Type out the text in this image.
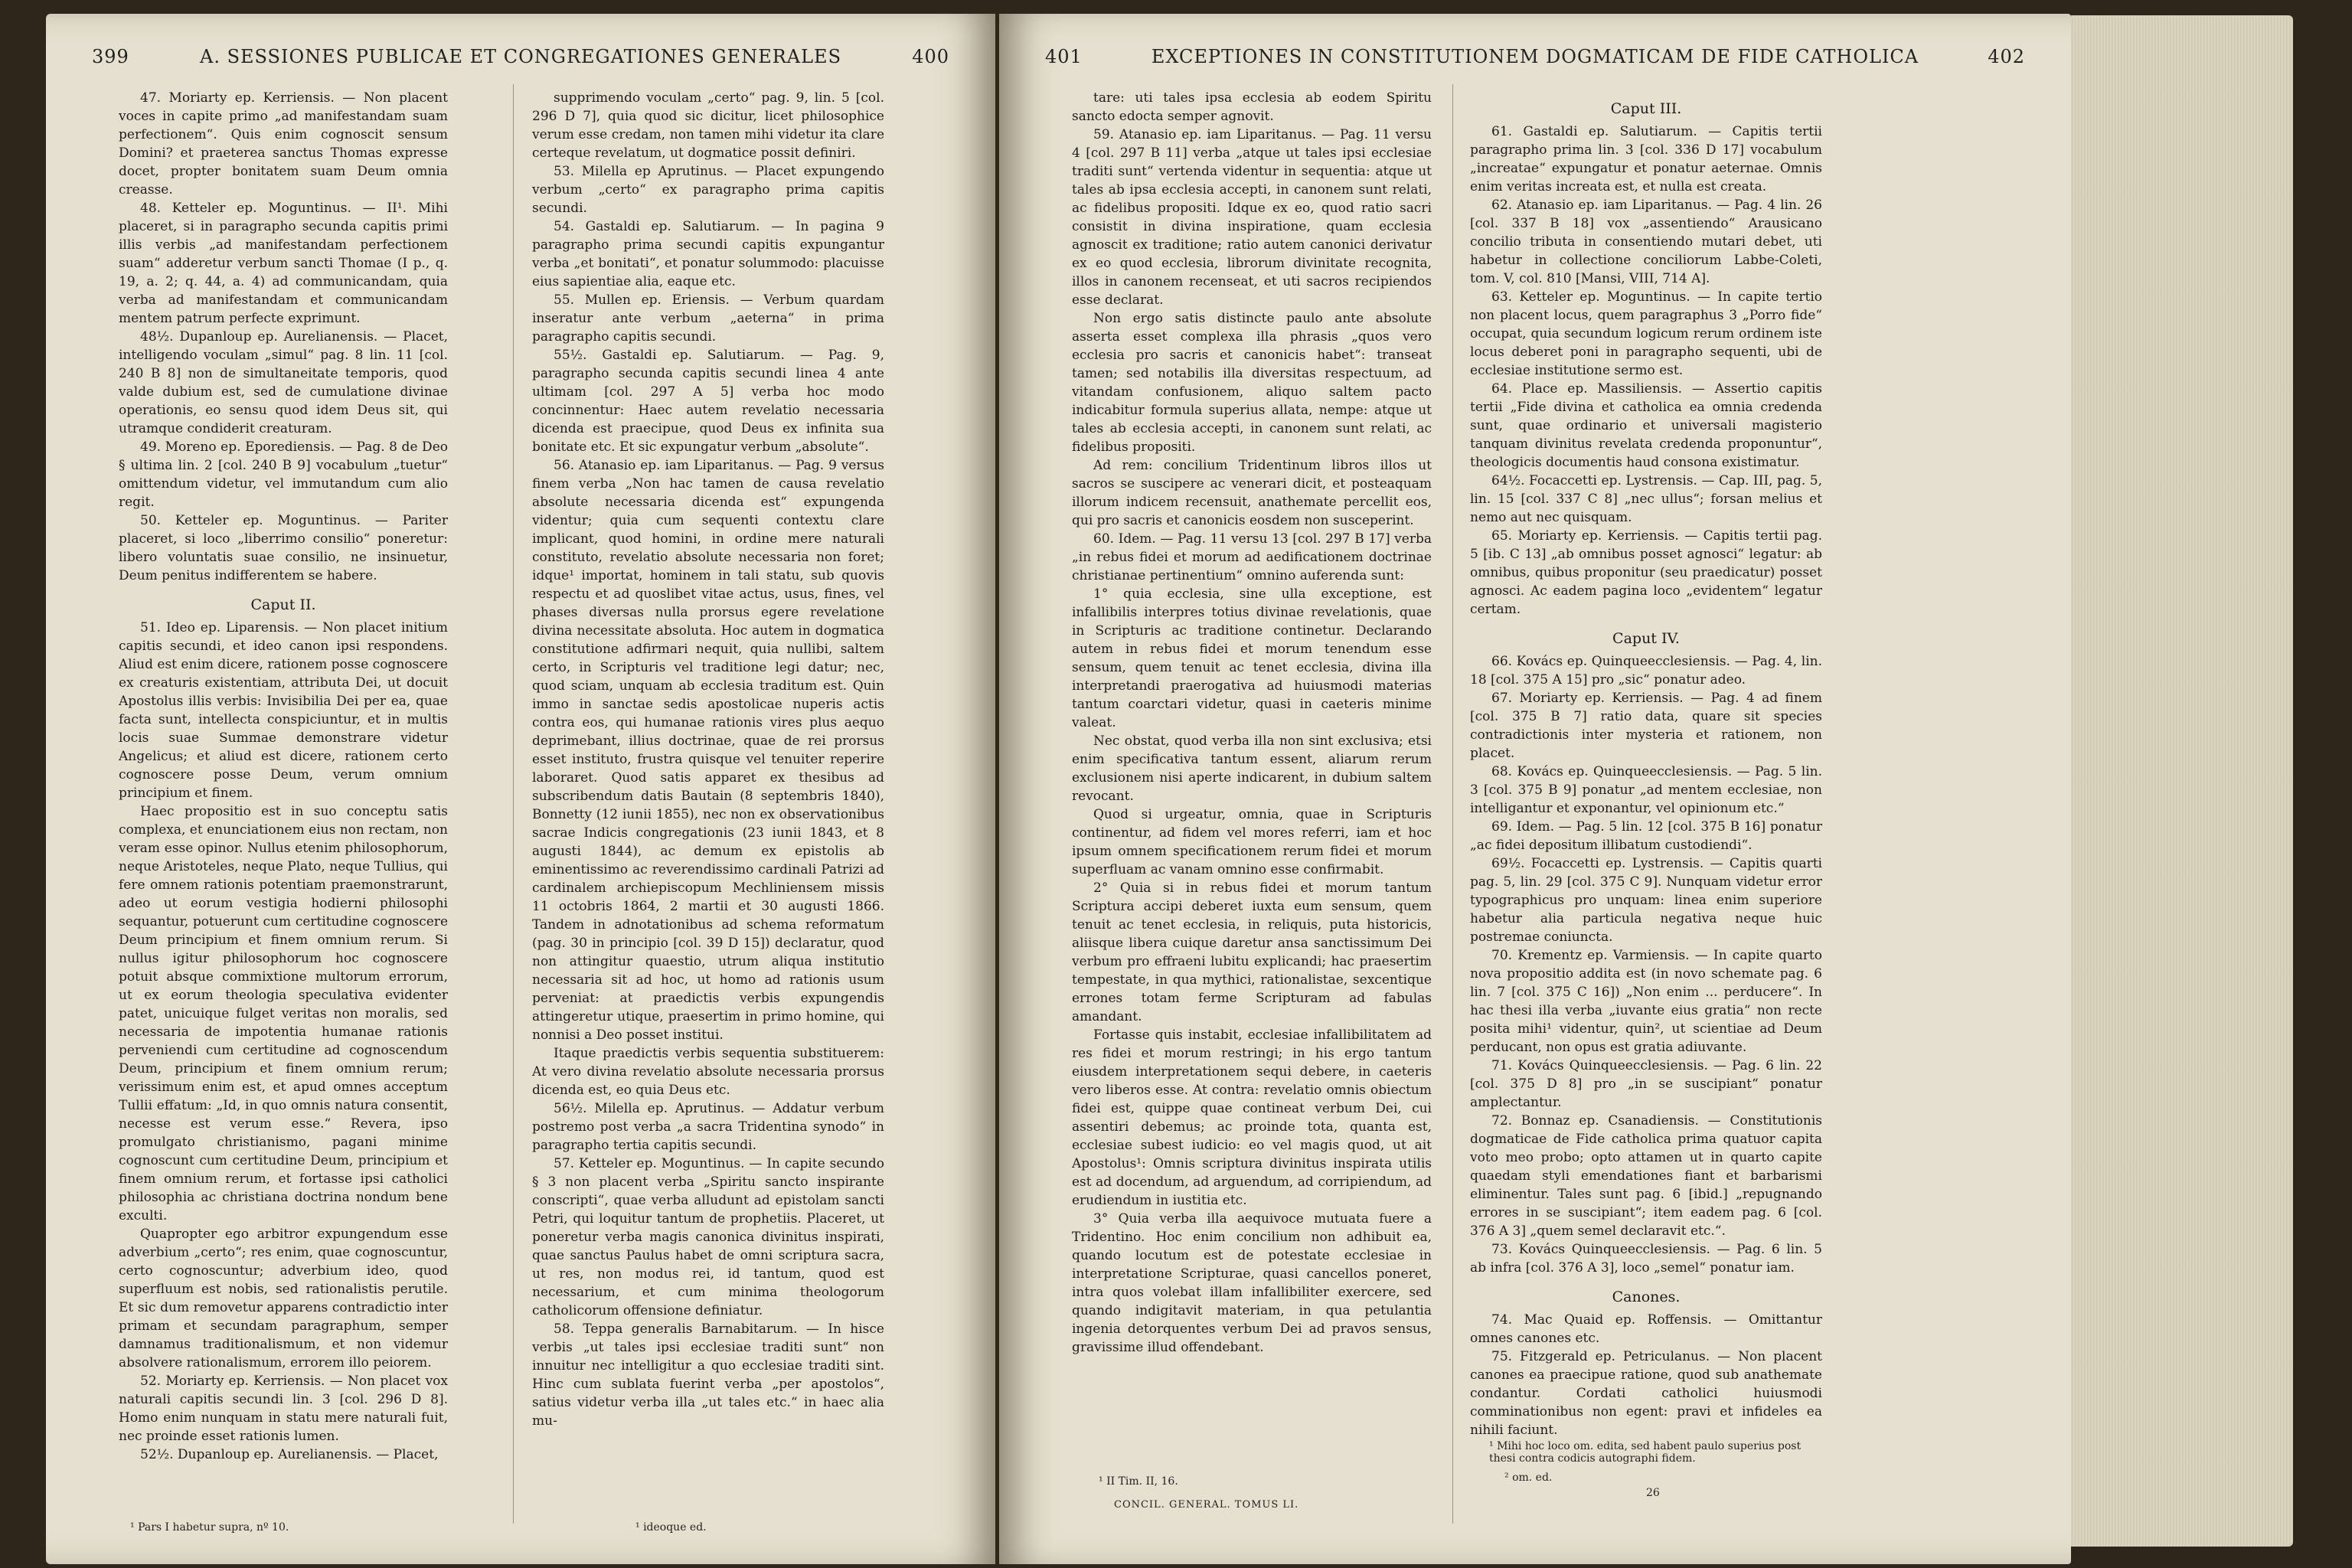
399	A. SESSIONES PUBLICAE ET CONGREGATIONES GENERALES	400

47. Moriarty ep. Kerriensis. — Non placent voces in capite primo „ad manifestandam suam perfectionem“. Quis enim cognoscit sensum Domini? et praeterea sanctus Thomas expresse docet, propter bonitatem suam Deum omnia creasse.

48. Ketteler ep. Moguntinus. — II¹. Mihi placeret, si in paragrapho secunda capitis primi illis verbis „ad manifestandam perfectionem suam“ adderetur verbum sancti Thomae (I p., q. 19, a. 2; q. 44, a. 4) ad communicandam, quia verba ad manifestandam et communicandam mentem patrum perfecte exprimunt.

48½. Dupanloup ep. Aurelianensis. — Placet, intelligendo voculam „simul“ pag. 8 lin. 11 [col. 240 B 8] non de simultaneitate temporis, quod valde dubium est, sed de cumulatione divinae operationis, eo sensu quod idem Deus sit, qui utramque condiderit creaturam.

49. Moreno ep. Eporediensis. — Pag. 8 de Deo § ultima lin. 2 [col. 240 B 9] vocabulum „tuetur“ omittendum videtur, vel immutandum cum alio regit.

50. Ketteler ep. Moguntinus. — Pariter placeret, si loco „liberrimo consilio“ poneretur: libero voluntatis suae consilio, ne insinuetur, Deum penitus indifferentem se habere.

Caput II.

51. Ideo ep. Liparensis. — Non placet initium capitis secundi, et ideo canon ipsi respondens. Aliud est enim dicere, rationem posse cognoscere ex creaturis existentiam, attributa Dei, ut docuit Apostolus illis verbis: Invisibilia Dei per ea, quae facta sunt, intellecta conspiciuntur, et in multis locis suae Summae demonstrare videtur Angelicus; et aliud est dicere, rationem certo cognoscere posse Deum, verum omnium principium et finem.

Haec propositio est in suo conceptu satis complexa, et enunciationem eius non rectam, non veram esse opinor. Nullus etenim philosophorum, neque Aristoteles, neque Plato, neque Tullius, qui fere omnem rationis potentiam praemonstrarunt, adeo ut eorum vestigia hodierni philosophi sequantur, potuerunt cum certitudine cognoscere Deum principium et finem omnium rerum. Si nullus igitur philosophorum hoc cognoscere potuit absque commixtione multorum errorum, ut ex eorum theologia speculativa evidenter patet, unicuique fulget veritas non moralis, sed necessaria de impotentia humanae rationis perveniendi cum certitudine ad cognoscendum Deum, principium et finem omnium rerum; verissimum enim est, et apud omnes acceptum Tullii effatum: „Id, in quo omnis natura consentit, necesse est verum esse.“ Revera, ipso promulgato christianismo, pagani minime cognoscunt cum certitudine Deum, principium et finem omnium rerum, et fortasse ipsi catholici philosophia ac christiana doctrina nondum bene exculti.

Quapropter ego arbitror expungendum esse adverbium „certo“; res enim, quae cognoscuntur, certo cognoscuntur; adverbium ideo, quod superfluum est nobis, sed rationalistis perutile. Et sic dum removetur apparens contradictio inter primam et secundam paragraphum, semper damnamus traditionalismum, et non videmur absolvere rationalismum, errorem illo peiorem.

52. Moriarty ep. Kerriensis. — Non placet vox naturali capitis secundi lin. 3 [col. 296 D 8]. Homo enim nunquam in statu mere naturali fuit, nec proinde esset rationis lumen.

52½. Dupanloup ep. Aurelianensis. — Placet,

supprimendo voculam „certo“ pag. 9, lin. 5 [col. 296 D 7], quia quod sic dicitur, licet philosophice verum esse credam, non tamen mihi videtur ita clare certeque revelatum, ut dogmatice possit definiri.

53. Milella ep Aprutinus. — Placet expungendo verbum „certo“ ex paragrapho prima capitis secundi.

54. Gastaldi ep. Salutiarum. — In pagina 9 paragrapho prima secundi capitis expungantur verba „et bonitati“, et ponatur solummodo: placuisse eius sapientiae alia, eaque etc.

55. Mullen ep. Eriensis. — Verbum quardam inseratur ante verbum „aeterna“ in prima paragrapho capitis secundi.

55½. Gastaldi ep. Salutiarum. — Pag. 9, paragrapho secunda capitis secundi linea 4 ante ultimam [col. 297 A 5] verba hoc modo concinnentur: Haec autem revelatio necessaria dicenda est praecipue, quod Deus ex infinita sua bonitate etc. Et sic expungatur verbum „absolute“.

56. Atanasio ep. iam Liparitanus. — Pag. 9 versus finem verba „Non hac tamen de causa revelatio absolute necessaria dicenda est“ expungenda videntur; quia cum sequenti contextu clare implicant, quod homini, in ordine mere naturali constituto, revelatio absolute necessaria non foret; idque¹ importat, hominem in tali statu, sub quovis respectu et ad quoslibet vitae actus, usus, fines, vel phases diversas nulla prorsus egere revelatione divina necessitate absoluta. Hoc autem in dogmatica constitutione adfirmari nequit, quia nullibi, saltem certo, in Scripturis vel traditione legi datur; nec, quod sciam, unquam ab ecclesia traditum est. Quin immo in sanctae sedis apostolicae nuperis actis contra eos, qui humanae rationis vires plus aequo deprimebant, illius doctrinae, quae de rei prorsus esset instituto, frustra quisque vel tenuiter reperire laboraret. Quod satis apparet ex thesibus ad subscribendum datis Bautain (8 septembris 1840), Bonnetty (12 iunii 1855), nec non ex observationibus sacrae Indicis congregationis (23 iunii 1843, et 8 augusti 1844), ac demum ex epistolis ab eminentissimo ac reverendissimo cardinali Patrizi ad cardinalem archiepiscopum Mechliniensem missis 11 octobris 1864, 2 martii et 30 augusti 1866. Tandem in adnotationibus ad schema reformatum (pag. 30 in principio [col. 39 D 15]) declaratur, quod non attingitur quaestio, utrum aliqua institutio necessaria sit ad hoc, ut homo ad rationis usum perveniat: at praedictis verbis expungendis attingeretur utique, praesertim in primo homine, qui nonnisi a Deo posset institui.

Itaque praedictis verbis sequentia substituerem: At vero divina revelatio absolute necessaria prorsus dicenda est, eo quia Deus etc.

56½. Milella ep. Aprutinus. — Addatur verbum postremo post verba „a sacra Tridentina synodo“ in paragrapho tertia capitis secundi.

57. Ketteler ep. Moguntinus. — In capite secundo § 3 non placent verba „Spiritu sancto inspirante conscripti“, quae verba alludunt ad epistolam sancti Petri, qui loquitur tantum de prophetiis. Placeret, ut poneretur verba magis canonica divinitus inspirati, quae sanctus Paulus habet de omni scriptura sacra, ut res, non modus rei, id tantum, quod est necessarium, et cum minima theologorum catholicorum offensione definiatur.

58. Teppa generalis Barnabitarum. — In hisce verbis „ut tales ipsi ecclesiae traditi sunt“ non innuitur nec intelligitur a quo ecclesiae traditi sint. Hinc cum sublata fuerint verba „per apostolos“, satius videtur verba illa „ut tales etc.“ in haec alia mu-

¹ Pars I habetur supra, nº 10.	¹ ideoque ed.
401	EXCEPTIONES IN CONSTITUTIONEM DOGMATICAM DE FIDE CATHOLICA	402

tare: uti tales ipsa ecclesia ab eodem Spiritu sancto edocta semper agnovit.

59. Atanasio ep. iam Liparitanus. — Pag. 11 versu 4 [col. 297 B 11] verba „atque ut tales ipsi ecclesiae traditi sunt“ vertenda videntur in sequentia: atque ut tales ab ipsa ecclesia accepti, in canonem sunt relati, ac fidelibus propositi. Idque ex eo, quod ratio sacri consistit in divina inspiratione, quam ecclesia agnoscit ex traditione; ratio autem canonici derivatur ex eo quod ecclesia, librorum divinitate recognita, illos in canonem recenseat, et uti sacros recipiendos esse declarat.

Non ergo satis distincte paulo ante absolute asserta esset complexa illa phrasis „quos vero ecclesia pro sacris et canonicis habet“: transeat tamen; sed notabilis illa diversitas respectuum, ad vitandam confusionem, aliquo saltem pacto indicabitur formula superius allata, nempe: atque ut tales ab ecclesia accepti, in canonem sunt relati, ac fidelibus propositi.

Ad rem: concilium Tridentinum libros illos ut sacros se suscipere ac venerari dicit, et posteaquam illorum indicem recensuit, anathemate percellit eos, qui pro sacris et canonicis eosdem non susceperint.

60. Idem. — Pag. 11 versu 13 [col. 297 B 17] verba „in rebus fidei et morum ad aedificationem doctrinae christianae pertinentium“ omnino auferenda sunt:

1° quia ecclesia, sine ulla exceptione, est infallibilis interpres totius divinae revelationis, quae in Scripturis ac traditione continetur. Declarando autem in rebus fidei et morum tenendum esse sensum, quem tenuit ac tenet ecclesia, divina illa interpretandi praerogativa ad huiusmodi materias tantum coarctari videtur, quasi in caeteris minime valeat.

Nec obstat, quod verba illa non sint exclusiva; etsi enim specificativa tantum essent, aliarum rerum exclusionem nisi aperte indicarent, in dubium saltem revocant.

Quod si urgeatur, omnia, quae in Scripturis continentur, ad fidem vel mores referri, iam et hoc ipsum omnem specificationem rerum fidei et morum superfluam ac vanam omnino esse confirmabit.

2° Quia si in rebus fidei et morum tantum Scriptura accipi deberet iuxta eum sensum, quem tenuit ac tenet ecclesia, in reliquis, puta historicis, aliisque libera cuique daretur ansa sanctissimum Dei verbum pro effraeni lubitu explicandi; hac praesertim tempestate, in qua mythici, rationalistae, sexcentique errones totam ferme Scripturam ad fabulas amandant.

Fortasse quis instabit, ecclesiae infallibilitatem ad res fidei et morum restringi; in his ergo tantum eiusdem interpretationem sequi debere, in caeteris vero liberos esse. At contra: revelatio omnis obiectum fidei est, quippe quae contineat verbum Dei, cui assentiri debemus; ac proinde tota, quanta est, ecclesiae subest iudicio: eo vel magis quod, ut ait Apostolus¹: Omnis scriptura divinitus inspirata utilis est ad docendum, ad arguendum, ad corripiendum, ad erudiendum in iustitia etc.

3° Quia verba illa aequivoce mutuata fuere a Tridentino. Hoc enim concilium non adhibuit ea, quando locutum est de potestate ecclesiae in interpretatione Scripturae, quasi cancellos poneret, intra quos volebat illam infallibiliter exercere, sed quando indigitavit materiam, in qua petulantia ingenia detorquentes verbum Dei ad pravos sensus, gravissime illud offendebant.

Caput III.

61. Gastaldi ep. Salutiarum. — Capitis tertii paragrapho prima lin. 3 [col. 336 D 17] vocabulum „increatae“ expungatur et ponatur aeternae. Omnis enim veritas increata est, et nulla est creata.

62. Atanasio ep. iam Liparitanus. — Pag. 4 lin. 26 [col. 337 B 18] vox „assentiendo“ Arausicano concilio tributa in consentiendo mutari debet, uti habetur in collectione conciliorum Labbe-Coleti, tom. V, col. 810 [Mansi, VIII, 714 A].

63. Ketteler ep. Moguntinus. — In capite tertio non placent locus, quem paragraphus 3 „Porro fide“ occupat, quia secundum logicum rerum ordinem iste locus deberet poni in paragrapho sequenti, ubi de ecclesiae institutione sermo est.

64. Place ep. Massiliensis. — Assertio capitis tertii „Fide divina et catholica ea omnia credenda sunt, quae ordinario et universali magisterio tanquam divinitus revelata credenda proponuntur“, theologicis documentis haud consona existimatur.

64½. Focaccetti ep. Lystrensis. — Cap. III, pag. 5, lin. 15 [col. 337 C 8] „nec ullus“; forsan melius et nemo aut nec quisquam.

65. Moriarty ep. Kerriensis. — Capitis tertii pag. 5 [ib. C 13] „ab omnibus posset agnosci“ legatur: ab omnibus, quibus proponitur (seu praedicatur) posset agnosci. Ac eadem pagina loco „evidentem“ legatur certam.

Caput IV.

66. Kovács ep. Quinqueecclesiensis. — Pag. 4, lin. 18 [col. 375 A 15] pro „sic“ ponatur adeo.

67. Moriarty ep. Kerriensis. — Pag. 4 ad finem [col. 375 B 7] ratio data, quare sit species contradictionis inter mysteria et rationem, non placet.

68. Kovács ep. Quinqueecclesiensis. — Pag. 5 lin. 3 [col. 375 B 9] ponatur „ad mentem ecclesiae, non intelligantur et exponantur, vel opinionum etc.“

69. Idem. — Pag. 5 lin. 12 [col. 375 B 16] ponatur „ac fidei depositum illibatum custodiendi“.

69½. Focaccetti ep. Lystrensis. — Capitis quarti pag. 5, lin. 29 [col. 375 C 9]. Nunquam videtur error typographicus pro unquam: linea enim superiore habetur alia particula negativa neque huic postremae coniuncta.

70. Krementz ep. Varmiensis. — In capite quarto nova propositio addita est (in novo schemate pag. 6 lin. 7 [col. 375 C 16]) „Non enim ... perducere“. In hac thesi illa verba „iuvante eius gratia“ non recte posita mihi¹ videntur, quin², ut scientiae ad Deum perducant, non opus est gratia adiuvante.

71. Kovács Quinqueecclesiensis. — Pag. 6 lin. 22 [col. 375 D 8] pro „in se suscipiant“ ponatur amplectantur.

72. Bonnaz ep. Csanadiensis. — Constitutionis dogmaticae de Fide catholica prima quatuor capita voto meo probo; opto attamen ut in quarto capite quaedam styli emendationes fiant et barbarismi eliminentur. Tales sunt pag. 6 [ibid.] „repugnando errores in se suscipiant“; item eadem pag. 6 [col. 376 A 3] „quem semel declaravit etc.“.

73. Kovács Quinqueecclesiensis. — Pag. 6 lin. 5 ab infra [col. 376 A 3], loco „semel“ ponatur iam.

Canones.

74. Mac Quaid ep. Roffensis. — Omittantur omnes canones etc.

75. Fitzgerald ep. Petriculanus. — Non placent canones ea praecipue ratione, quod sub anathemate condantur. Cordati catholici huiusmodi comminationibus non egent: pravi et infideles ea nihili faciunt.

¹ II Tim. II, 16.
CONCIL. GENERAL. TOMUS LI.
¹ Mihi hoc loco om. edita, sed habent paulo superius post thesi contra codicis autographi fidem.
² om. ed.
26
